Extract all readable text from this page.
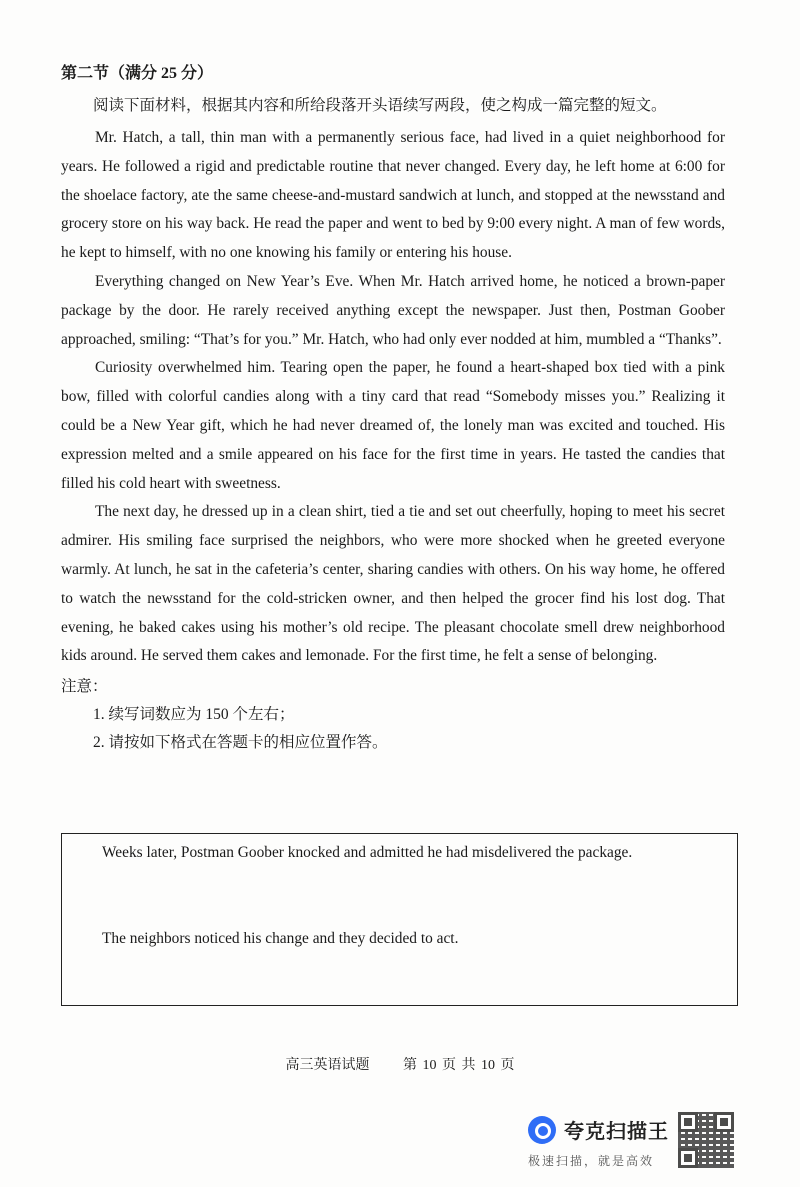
第二节（满分 25 分）

阅读下面材料，根据其内容和所给段落开头语续写两段，使之构成一篇完整的短文。

Mr. Hatch, a tall, thin man with a permanently serious face, had lived in a quiet neighborhood for years. He followed a rigid and predictable routine that never changed. Every day, he left home at 6:00 for the shoelace factory, ate the same cheese-and-mustard sandwich at lunch, and stopped at the newsstand and grocery store on his way back. He read the paper and went to bed by 9:00 every night. A man of few words, he kept to himself, with no one knowing his family or entering his house.

Everything changed on New Year’s Eve. When Mr. Hatch arrived home, he noticed a brown-paper package by the door. He rarely received anything except the newspaper. Just then, Postman Goober approached, smiling: “That’s for you.” Mr. Hatch, who had only ever nodded at him, mumbled a “Thanks”.

Curiosity overwhelmed him. Tearing open the paper, he found a heart-shaped box tied with a pink bow, filled with colorful candies along with a tiny card that read “Somebody misses you.” Realizing it could be a New Year gift, which he had never dreamed of, the lonely man was excited and touched. His expression melted and a smile appeared on his face for the first time in years. He tasted the candies that filled his cold heart with sweetness.

The next day, he dressed up in a clean shirt, tied a tie and set out cheerfully, hoping to meet his secret admirer. His smiling face surprised the neighbors, who were more shocked when he greeted everyone warmly. At lunch, he sat in the cafeteria’s center, sharing candies with others. On his way home, he offered to watch the newsstand for the cold-stricken owner, and then helped the grocer find his lost dog. That evening, he baked cakes using his mother’s old recipe. The pleasant chocolate smell drew neighborhood kids around. He served them cakes and lemonade. For the first time, he felt a sense of belonging.

注意：

1. 续写词数应为 150 个左右；

2. 请按如下格式在答题卡的相应位置作答。

Weeks later, Postman Goober knocked and admitted he had misdelivered the package.
The neighbors noticed his change and they decided to act.
高三英语试题 第 10 页 共 10 页
夸克扫描王
极速扫描，就是高效
